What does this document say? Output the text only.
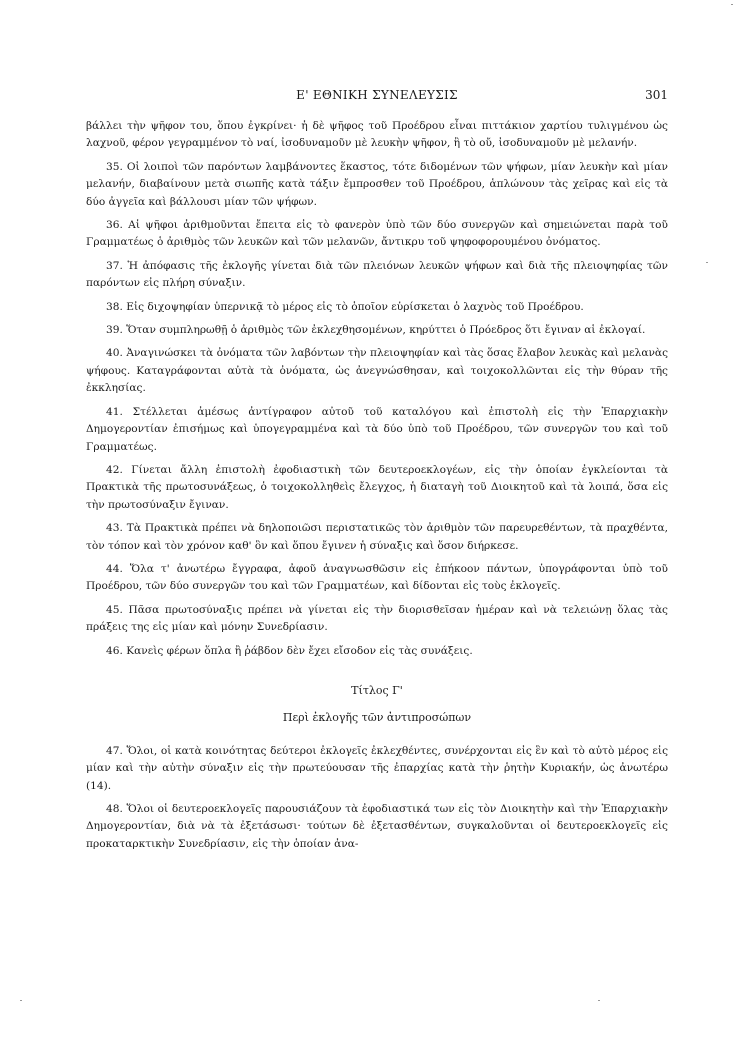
Ε' ΕΘΝΙΚΗ ΣΥΝΕΛΕΥΣΙΣ	301

βάλλει τὴν ψῆφον του, ὅπου ἐγκρίνει· ἡ δὲ ψῆφος τοῦ Προέδρου εἶναι πιττάκιον χαρτίου τυλιγμένου ὡς λαχνοῦ, φέρον γεγραμμένον τὸ ναί, ἰσοδυναμοῦν μὲ λευκὴν ψῆφον, ἢ τὸ οὔ, ἰσοδυναμοῦν μὲ μελανήν.

35. Οἱ λοιποὶ τῶν παρόντων λαμβάνοντες ἕκαστος, τότε διδομένων τῶν ψήφων, μίαν λευκὴν καὶ μίαν μελανήν, διαβαίνουν μετὰ σιωπῆς κατὰ τάξιν ἔμπροσθεν τοῦ Προέδρου, ἁπλώνουν τὰς χεῖρας καὶ εἰς τὰ δύο ἀγγεῖα καὶ βάλλουσι μίαν τῶν ψήφων.

36. Αἱ ψῆφοι ἀριθμοῦνται ἔπειτα εἰς τὸ φανερὸν ὑπὸ τῶν δύο συνεργῶν καὶ σημειώνεται παρὰ τοῦ Γραμματέως ὁ ἀριθμὸς τῶν λευκῶν καὶ τῶν μελανῶν, ἄντικρυ τοῦ ψηφοφορουμένου ὀνόματος.

37. Ἡ ἀπόφασις τῆς ἐκλογῆς γίνεται διὰ τῶν πλειόνων λευκῶν ψήφων καὶ διὰ τῆς πλειοψηφίας τῶν παρόντων εἰς πλήρη σύναξιν.

38. Εἰς διχοψηφίαν ὑπερνικᾷ τὸ μέρος εἰς τὸ ὁποῖον εὑρίσκεται ὁ λαχνὸς τοῦ Προέδρου.

39. Ὅταν συμπληρωθῇ ὁ ἀριθμὸς τῶν ἐκλεχθησομένων, κηρύττει ὁ Πρόεδρος ὅτι ἔγιναν αἱ ἐκλογαί.

40. Ἀναγινώσκει τὰ ὀνόματα τῶν λαβόντων τὴν πλειοψηφίαν καὶ τὰς ὅσας ἔλαβον λευκὰς καὶ μελανὰς ψήφους. Καταγράφονται αὐτὰ τὰ ὀνόματα, ὡς ἀνεγνώσθησαν, καὶ τοιχοκολλῶνται εἰς τὴν θύραν τῆς ἐκκλησίας.

41. Στέλλεται ἀμέσως ἀντίγραφον αὐτοῦ τοῦ καταλόγου καὶ ἐπιστολὴ εἰς τὴν Ἐπαρχιακὴν Δημογεροντίαν ἐπισήμως καὶ ὑπογεγραμμένα καὶ τὰ δύο ὑπὸ τοῦ Προέδρου, τῶν συνεργῶν του καὶ τοῦ Γραμματέως.

42. Γίνεται ἄλλη ἐπιστολὴ ἐφοδιαστικὴ τῶν δευτεροεκλογέων, εἰς τὴν ὁποίαν ἐγκλείονται τὰ Πρακτικὰ τῆς πρωτοσυνάξεως, ὁ τοιχοκολληθεὶς ἔλεγχος, ἡ διαταγὴ τοῦ Διοικητοῦ καὶ τὰ λοιπά, ὅσα εἰς τὴν πρωτοσύναξιν ἔγιναν.

43. Τὰ Πρακτικὰ πρέπει νὰ δηλοποιῶσι περιστατικῶς τὸν ἀριθμὸν τῶν παρευρεθέντων, τὰ πραχθέντα, τὸν τόπον καὶ τὸν χρόνον καθ' ὃν καὶ ὅπου ἔγινεν ἡ σύναξις καὶ ὅσον διήρκεσε.

44. Ὅλα τ' ἀνωτέρω ἔγγραφα, ἀφοῦ ἀναγνωσθῶσιν εἰς ἐπήκοον πάντων, ὑπογράφονται ὑπὸ τοῦ Προέδρου, τῶν δύο συνεργῶν του καὶ τῶν Γραμματέων, καὶ δίδονται εἰς τοὺς ἐκλογεῖς.

45. Πᾶσα πρωτοσύναξις πρέπει νὰ γίνεται εἰς τὴν διορισθεῖσαν ἡμέραν καὶ νὰ τελειώνῃ ὅλας τὰς πράξεις της εἰς μίαν καὶ μόνην Συνεδρίασιν.

46. Κανεὶς φέρων ὅπλα ἢ ῥάβδον δὲν ἔχει εἴσοδον εἰς τὰς συνάξεις.

Τίτλος Γ'

Περὶ ἐκλογῆς τῶν ἀντιπροσώπων

47. Ὅλοι, οἱ κατὰ κοινότητας δεύτεροι ἐκλογεῖς ἐκλεχθέντες, συνέρχονται εἰς ἓν καὶ τὸ αὐτὸ μέρος εἰς μίαν καὶ τὴν αὐτὴν σύναξιν εἰς τὴν πρωτεύουσαν τῆς ἐπαρχίας κατὰ τὴν ῥητὴν Κυριακήν, ὡς ἀνωτέρω (14).

48. Ὅλοι οἱ δευτεροεκλογεῖς παρουσιάζουν τὰ ἐφοδιαστικά των εἰς τὸν Διοικητὴν καὶ τὴν Ἐπαρχιακὴν Δημογεροντίαν, διὰ νὰ τὰ ἐξετάσωσι· τούτων δὲ ἐξετασθέντων, συγκαλοῦνται οἱ δευτεροεκλογεῖς εἰς προκαταρκτικὴν Συνεδρίασιν, εἰς τὴν ὁποίαν ἀνα-
